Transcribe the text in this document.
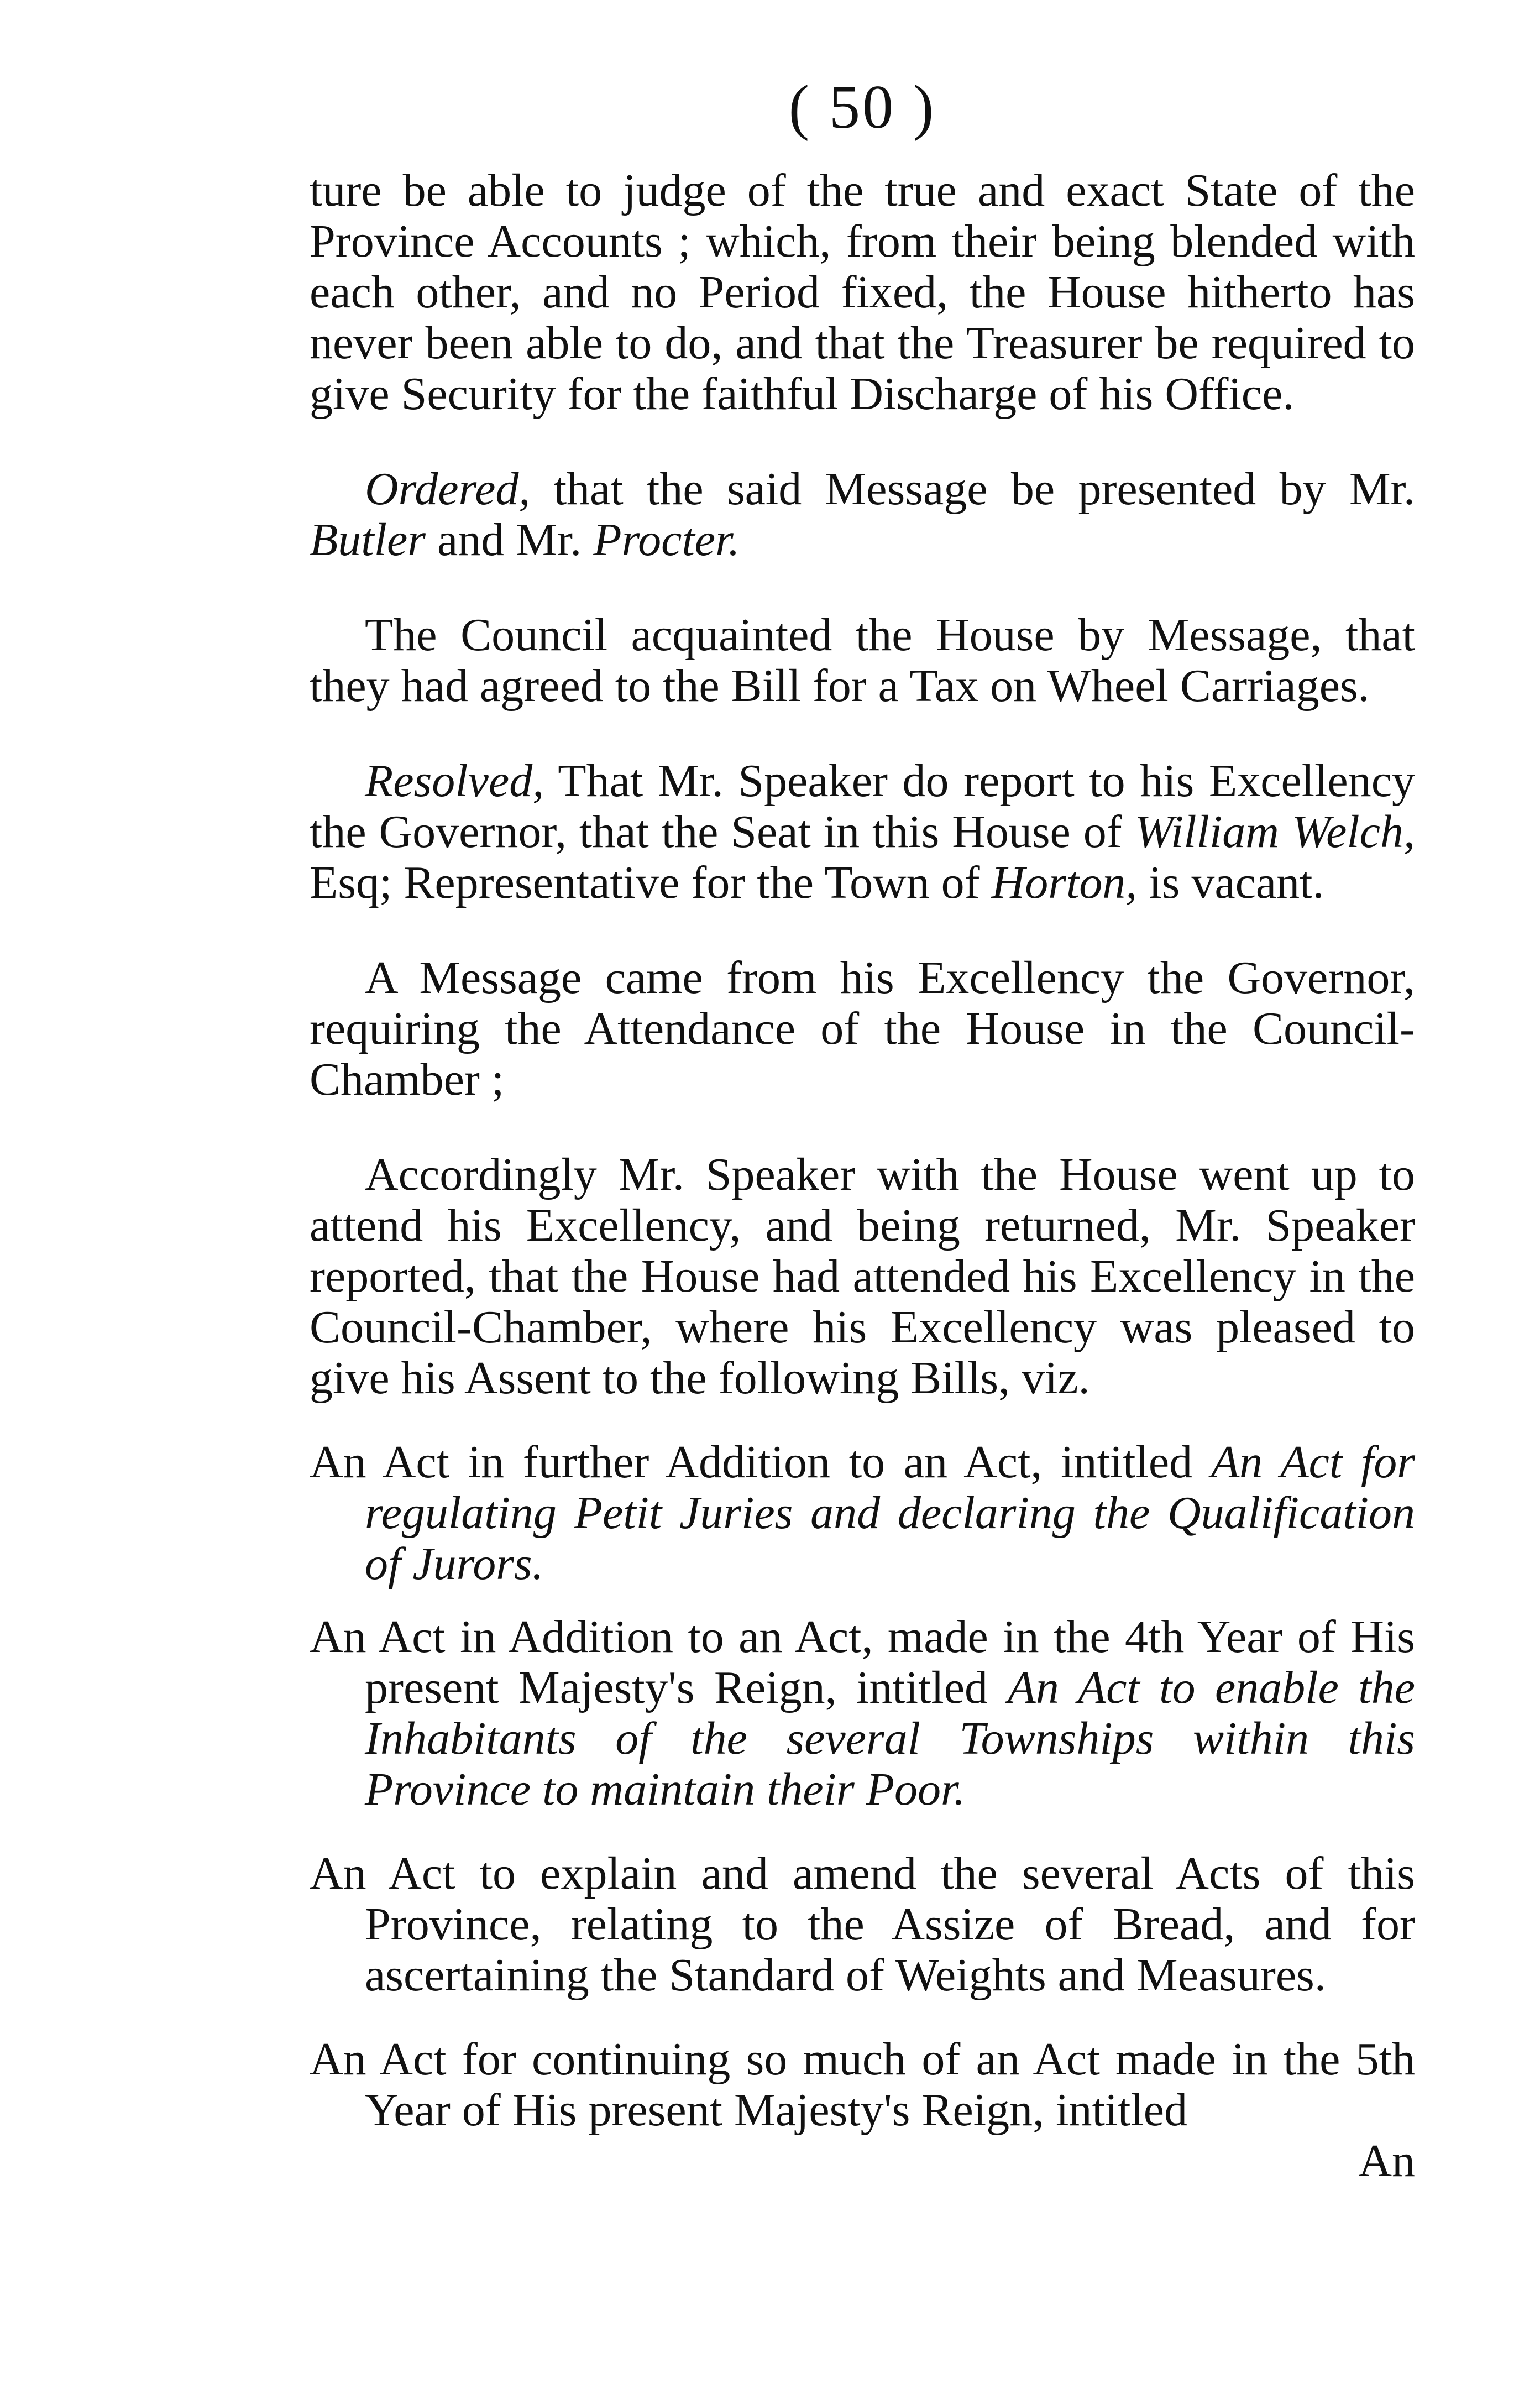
( 50 )

ture be able to judge of the true and exact State of the Province Accounts ; which, from their being blended with each other, and no Period fixed, the House hitherto has never been able to do, and that the Treasurer be required to give Security for the faithful Discharge of his Office.

Ordered, that the said Message be presented by Mr. Butler and Mr. Procter.

The Council acquainted the House by Message, that they had agreed to the Bill for a Tax on Wheel Carriages.

Resolved, That Mr. Speaker do report to his Excellency the Governor, that the Seat in this House of William Welch, Esq; Representative for the Town of Horton, is vacant.

A Message came from his Excellency the Governor, requiring the Attendance of the House in the Council-Chamber ;

Accordingly Mr. Speaker with the House went up to attend his Excellency, and being returned, Mr. Speaker reported, that the House had attended his Excellency in the Council-Chamber, where his Excellency was pleased to give his Assent to the following Bills, viz.

An Act in further Addition to an Act, intitled An Act for regulating Petit Juries and declaring the Qualification of Jurors.

An Act in Addition to an Act, made in the 4th Year of His present Majesty's Reign, intitled An Act to enable the Inhabitants of the several Townships within this Province to maintain their Poor.

An Act to explain and amend the several Acts of this Province, relating to the Assize of Bread, and for ascertaining the Standard of Weights and Measures.

An Act for continuing so much of an Act made in the 5th Year of His present Majesty's Reign, intitled

An
